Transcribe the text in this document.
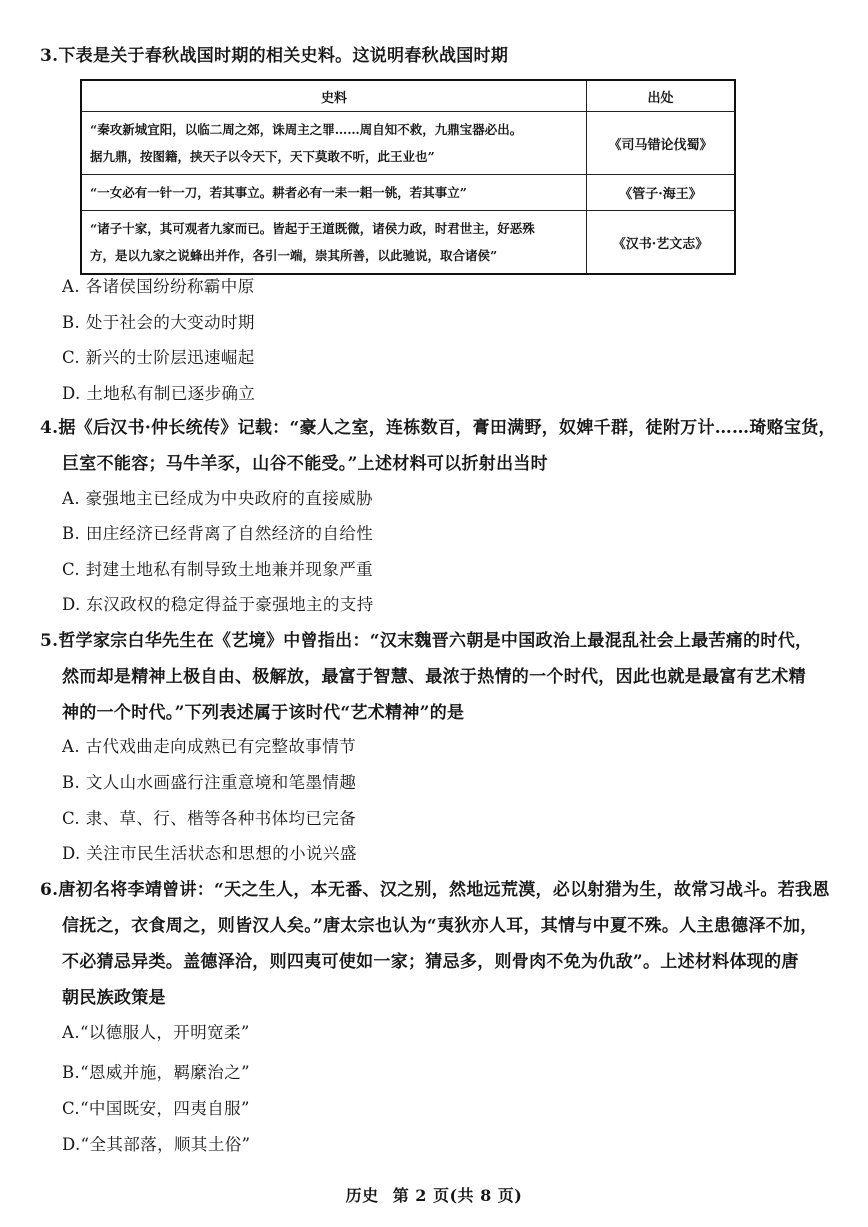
3.下表是关于春秋战国时期的相关史料。这说明春秋战国时期
史料	出处

“秦攻新城宜阳，以临二周之郊，诛周主之罪……周自知不救，九鼎宝器必出。
据九鼎，按图籍，挟天子以令天下，天下莫敢不听，此王业也”	《司马错论伐蜀》

“一女必有一针一刀，若其事立。耕者必有一耒一耜一铫，若其事立”	《管子·海王》

“诸子十家，其可观者九家而已。皆起于王道既微，诸侯力政，时君世主，好恶殊
方，是以九家之说蜂出并作，各引一端，崇其所善，以此驰说，取合诸侯”	《汉书·艺文志》
A. 各诸侯国纷纷称霸中原
B. 处于社会的大变动时期
C. 新兴的士阶层迅速崛起
D. 土地私有制已逐步确立
4.据《后汉书·仲长统传》记载：“豪人之室，连栋数百，膏田满野，奴婢千群，徒附万计……琦赂宝货，
巨室不能容；马牛羊豕，山谷不能受。”上述材料可以折射出当时
A. 豪强地主已经成为中央政府的直接威胁
B. 田庄经济已经背离了自然经济的自给性
C. 封建土地私有制导致土地兼并现象严重
D. 东汉政权的稳定得益于豪强地主的支持
5.哲学家宗白华先生在《艺境》中曾指出：“汉末魏晋六朝是中国政治上最混乱社会上最苦痛的时代，
然而却是精神上极自由、极解放，最富于智慧、最浓于热情的一个时代，因此也就是最富有艺术精
神的一个时代。”下列表述属于该时代“艺术精神”的是
A. 古代戏曲走向成熟已有完整故事情节
B. 文人山水画盛行注重意境和笔墨情趣
C. 隶、草、行、楷等各种书体均已完备
D. 关注市民生活状态和思想的小说兴盛
6.唐初名将李靖曾讲：“天之生人，本无番、汉之别，然地远荒漠，必以射猎为生，故常习战斗。若我恩
信抚之，衣食周之，则皆汉人矣。”唐太宗也认为“夷狄亦人耳，其情与中夏不殊。人主患德泽不加，
不必猜忌异类。盖德泽洽，则四夷可使如一家；猜忌多，则骨肉不免为仇敌”。上述材料体现的唐
朝民族政策是
A.“以德服人，开明宽柔”
B.“恩威并施，羁縻治之”
C.“中国既安，四夷自服”
D.“全其部落，顺其土俗”
历史 第 2 页(共 8 页)
